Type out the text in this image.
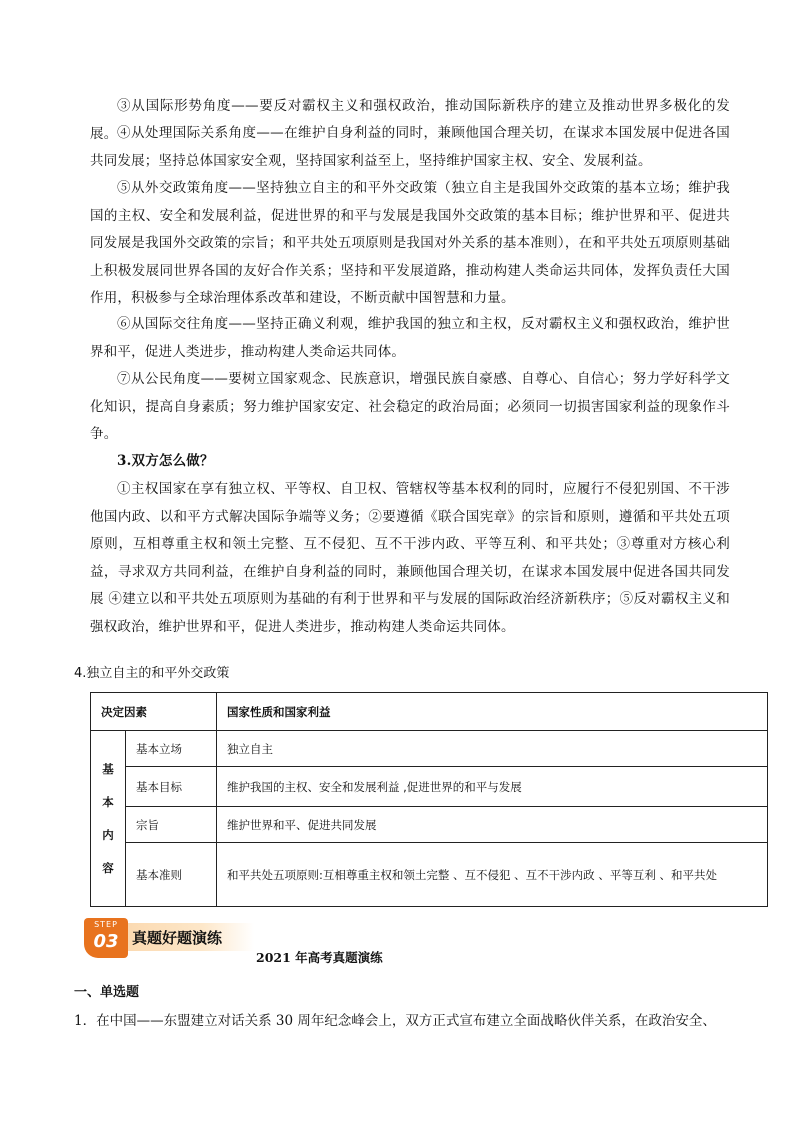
③从国际形势角度——要反对霸权主义和强权政治，推动国际新秩序的建立及推动世界多极化的发展。 ④从处理国际关系角度——在维护自身利益的同时，兼顾他国合理关切，在谋求本国发展中促进各国共同发展；坚持总体国家安全观，坚持国家利益至上，坚持维护国家主权、安全、发展利益。

⑤从外交政策角度——坚持独立自主的和平外交政策（独立自主是我国外交政策的基本立场；维护我国的主权、安全和发展利益，促进世界的和平与发展是我国外交政策的基本目标；维护世界和平、促进共同发展是我国外交政策的宗旨；和平共处五项原则是我国对外关系的基本准则），在和平共处五项原则基础上积极发展同世界各国的友好合作关系；坚持和平发展道路，推动构建人类命运共同体，发挥负责任大国作用，积极参与全球治理体系改革和建设，不断贡献中国智慧和力量。

⑥从国际交往角度——坚持正确义利观，维护我国的独立和主权，反对霸权主义和强权政治，维护世界和平，促进人类进步，推动构建人类命运共同体。

⑦从公民角度——要树立国家观念、民族意识，增强民族自豪感、自尊心、自信心；努力学好科学文化知识，提高自身素质；努力维护国家安定、社会稳定的政治局面；必须同一切损害国家利益的现象作斗争。

3.双方怎么做？

①主权国家在享有独立权、平等权、自卫权、管辖权等基本权利的同时，应履行不侵犯别国、不干涉他国内政、以和平方式解决国际争端等义务；②要遵循《联合国宪章》的宗旨和原则，遵循和平共处五项原则，互相尊重主权和领土完整、互不侵犯、互不干涉内政、平等互利、和平共处；③尊重对方核心利益，寻求双方共同利益，在维护自身利益的同时，兼顾他国合理关切，在谋求本国发展中促进各国共同发展 ④建立以和平共处五项原则为基础的有利于世界和平与发展的国际政治经济新秩序；⑤反对霸权主义和强权政治，维护世界和平，促进人类进步，推动构建人类命运共同体。

4.独立自主的和平外交政策

决定因素		国家性质和国家利益

基
本
内
容	基本立场	独立自主
	基本目标	维护我国的主权、安全和发展利益 ,促进世界的和平与发展
	宗旨	维护世界和平、促进共同发展
	基本准则	和平共处五项原则:互相尊重主权和领土完整 、互不侵犯 、互不干涉内政 、平等互利 、和平共处
真题好题演练
STEP
03

2021 年高考真题演练

一、单选题

1．在中国——东盟建立对话关系 30 周年纪念峰会上，双方正式宣布建立全面战略伙伴关系，在政治安全、
